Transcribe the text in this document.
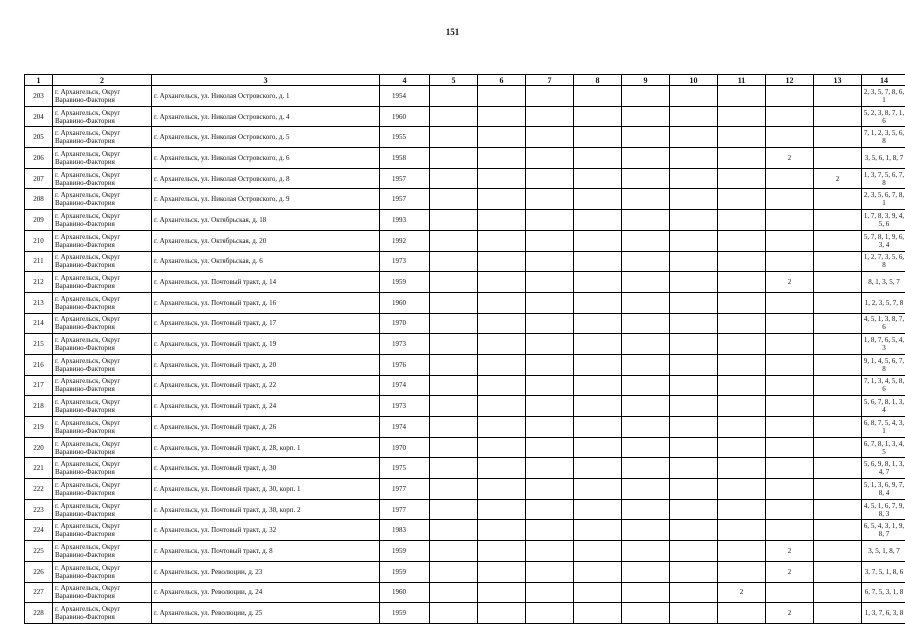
151
1	2	3	4	5	6	7	8	9	10	11	12	13	14
203	г. Архангельск, Округ Варавино-Фактория	г. Архангельск, ул. Николая Островского, д. 1	1954										2, 3, 5, 7, 8, 6, 1
204	г. Архангельск, Округ Варавино-Фактория	г. Архангельск, ул. Николая Островского, д. 4	1960										5, 2, 3, 8, 7, 1, 6
205	г. Архангельск, Округ Варавино-Фактория	г. Архангельск, ул. Николая Островского, д. 5	1955										7, 1, 2, 3, 5, 6, 8
206	г. Архангельск, Округ Варавино-Фактория	г. Архангельск, ул. Николая Островского, д. 6	1958								2		3, 5, 6, 1, 8, 7
207	г. Архангельск, Округ Варавино-Фактория	г. Архангельск, ул. Николая Островского, д. 8	1957									2	1, 3, 7, 5, 6, 7, 8
208	г. Архангельск, Округ Варавино-Фактория	г. Архангельск, ул. Николая Островского, д. 9	1957										2, 3, 5, 6, 7, 8, 1
209	г. Архангельск, Округ Варавино-Фактория	г. Архангельск, ул. Октябрьская, д. 18	1993										1, 7, 8, 3, 9, 4, 5, 6
210	г. Архангельск, Округ Варавино-Фактория	г. Архангельск, ул. Октябрьская, д. 20	1992										5, 7, 8, 1, 9, 6, 3, 4
211	г. Архангельск, Округ Варавино-Фактория	г. Архангельск, ул. Октябрьская, д. 6	1973										1, 2, 7, 3, 5, 6, 8
212	г. Архангельск, Округ Варавино-Фактория	г. Архангельск, ул. Почтовый тракт, д. 14	1959								2		8, 1, 3, 5, 7
213	г. Архангельск, Округ Варавино-Фактория	г. Архангельск, ул. Почтовый тракт, д. 16	1960										1, 2, 3, 5, 7, 8
214	г. Архангельск, Округ Варавино-Фактория	г. Архангельск, ул. Почтовый тракт, д. 17	1970										4, 5, 1, 3, 8, 7, 6
215	г. Архангельск, Округ Варавино-Фактория	г. Архангельск, ул. Почтовый тракт, д. 19	1973										1, 8, 7, 6, 5, 4, 3
216	г. Архангельск, Округ Варавино-Фактория	г. Архангельск, ул. Почтовый тракт, д. 20	1976										9, 1, 4, 5, 6, 7, 8
217	г. Архангельск, Округ Варавино-Фактория	г. Архангельск, ул. Почтовый тракт, д. 22	1974										7, 1, 3, 4, 5, 8, 6
218	г. Архангельск, Округ Варавино-Фактория	г. Архангельск, ул. Почтовый тракт, д. 24	1973										5, 6, 7, 8, 1, 3, 4
219	г. Архангельск, Округ Варавино-Фактория	г. Архангельск, ул. Почтовый тракт, д. 26	1974										6, 8, 7, 5, 4, 3, 1
220	г. Архангельск, Округ Варавино-Фактория	г. Архангельск, ул. Почтовый тракт, д. 28, корп. 1	1970										6, 7, 8, 1, 3, 4, 5
221	г. Архангельск, Округ Варавино-Фактория	г. Архангельск, ул. Почтовый тракт, д. 30	1975										5, 6, 9, 8, 1, 3, 4, 7
222	г. Архангельск, Округ Варавино-Фактория	г. Архангельск, ул. Почтовый тракт, д. 30, корп. 1	1977										5, 1, 3, 6, 9, 7, 8, 4
223	г. Архангельск, Округ Варавино-Фактория	г. Архангельск, ул. Почтовый тракт, д. 30, корп. 2	1977										4, 5, 1, 6, 7, 9, 8, 3
224	г. Архангельск, Округ Варавино-Фактория	г. Архангельск, ул. Почтовый тракт, д. 32	1983										6, 5, 4, 3, 1, 9, 8, 7
225	г. Архангельск, Округ Варавино-Фактория	г. Архангельск, ул. Почтовый тракт, д. 8	1959								2		3, 5, 1, 8, 7
226	г. Архангельск, Округ Варавино-Фактория	г. Архангельск, ул. Революции, д. 23	1959								2		3, 7, 5, 1, 8, 6
227	г. Архангельск, Округ Варавино-Фактория	г. Архангельск, ул. Революции, д. 24	1960							2			6, 7, 5, 3, 1, 8
228	г. Архангельск, Округ Варавино-Фактория	г. Архангельск, ул. Революции, д. 25	1959								2		1, 3, 7, 6, 3, 8
